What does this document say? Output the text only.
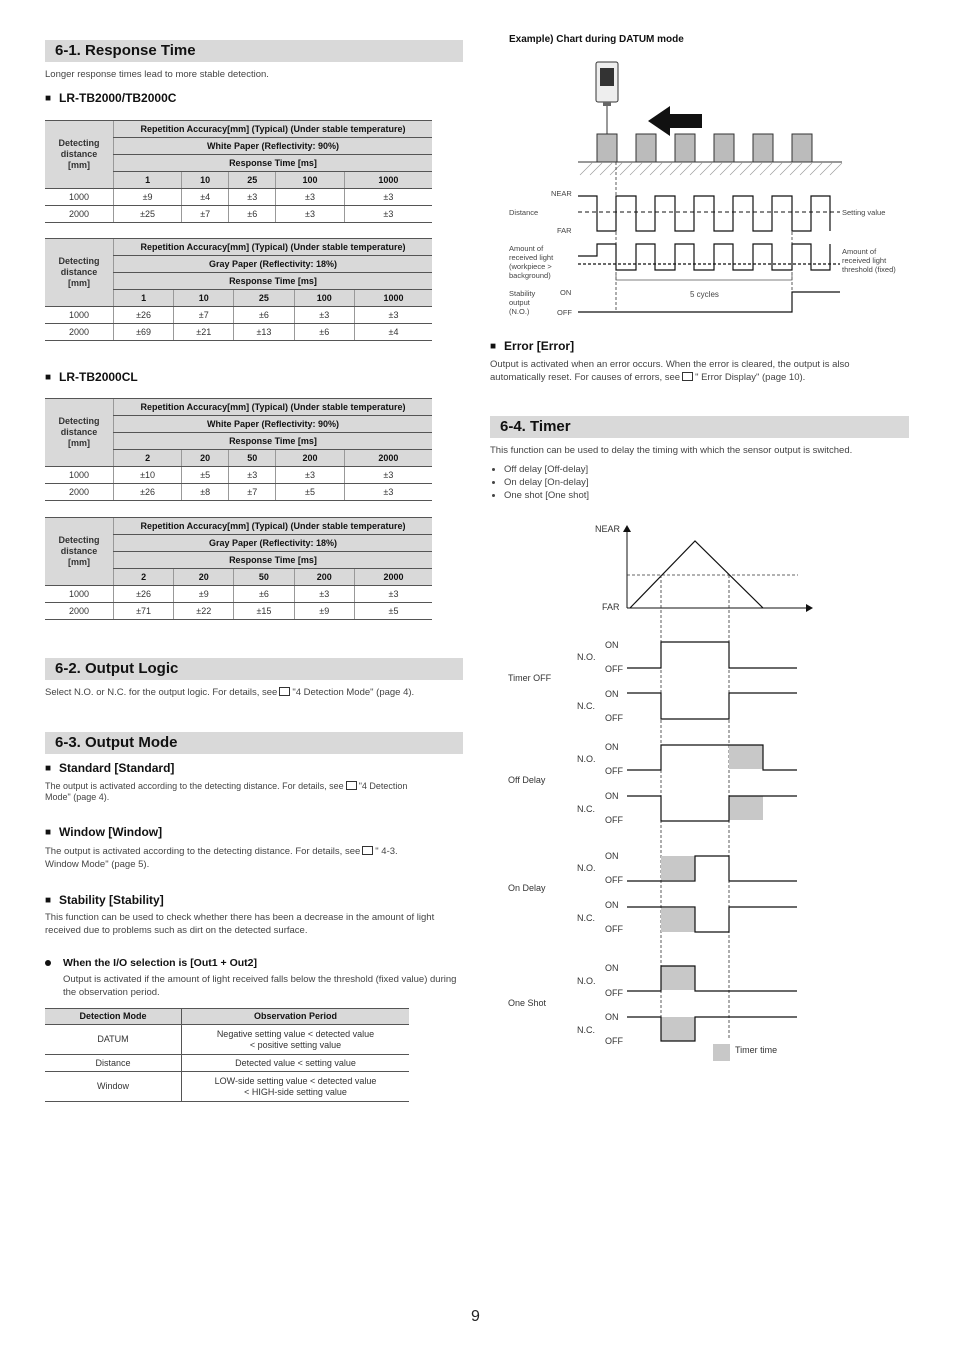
6-1. Response Time
Longer response times lead to more stable detection.
■ LR-TB2000/TB2000C
Detecting
distance
[mm]	Repetition Accuracy[mm] (Typical) (Under stable temperature)				
	White Paper (Reflectivity: 90%)				
	Response Time [ms]				
	1	10	25	100	1000
1000	±9	±4	±3	±3	±3
2000	±25	±7	±6	±3	±3
Detecting
distance
[mm]	Repetition Accuracy[mm] (Typical) (Under stable temperature)				
	Gray Paper (Reflectivity: 18%)				
	Response Time [ms]				
	1	10	25	100	1000
1000	±26	±7	±6	±3	±3
2000	±69	±21	±13	±6	±4
■ LR-TB2000CL
Detecting
distance
[mm]	Repetition Accuracy[mm] (Typical) (Under stable temperature)				
	White Paper (Reflectivity: 90%)				
	Response Time [ms]				
	2	20	50	200	2000
1000	±10	±5	±3	±3	±3
2000	±26	±8	±7	±5	±3
Detecting
distance
[mm]	Repetition Accuracy[mm] (Typical) (Under stable temperature)				
	Gray Paper (Reflectivity: 18%)				
	Response Time [ms]				
	2	20	50	200	2000
1000	±26	±9	±6	±3	±3
2000	±71	±22	±15	±9	±5
6-2. Output Logic
Select N.O. or N.C. for the output logic. For details, see "4 Detection Mode" (page 4).
6-3. Output Mode
■ Standard [Standard]
The output is activated according to the detecting distance. For details, see "4 Detection
Mode" (page 4).
■ Window [Window]
The output is activated according to the detecting distance. For details, see " 4-3.
Window Mode" (page 5).
■ Stability [Stability]
This function can be used to check whether there has been a decrease in the amount of light received due to problems such as dirt on the detected surface.
When the I/O selection is [Out1 + Out2]
Output is activated if the amount of light received falls below the threshold (fixed value) during the observation period.
Detection Mode	Observation Period
DATUM	Negative setting value < detected value
< positive setting value
Distance	Detected value < setting value
Window	LOW-side setting value < detected value
< HIGH-side setting value
Example) Chart during DATUM mode
NEAR
FAR
Distance	Setting value
Amount of received light (workpiece > background)
Amount of received light threshold (fixed)
5 cycles
Stability output (N.O.)
ON
OFF
■ Error [Error]
Output is activated when an error occurs. When the error is cleared, the output is also
automatically reset. For causes of errors, see " Error Display" (page 10).
6-4. Timer
This function can be used to delay the timing with which the sensor output is switched.
• Off delay [Off-delay]
• On delay [On-delay]
• One shot [One shot]
NEAR
FAR
ON
N.O.
OFF
Timer OFF
ON
N.C.
OFF
ON
N.O.
OFF
Off Delay
ON
N.C.
OFF
ON
N.O.
OFF
On Delay
ON
N.C.
OFF
ON
N.O.
OFF
One Shot
ON
N.C.
OFF
Timer time
9
